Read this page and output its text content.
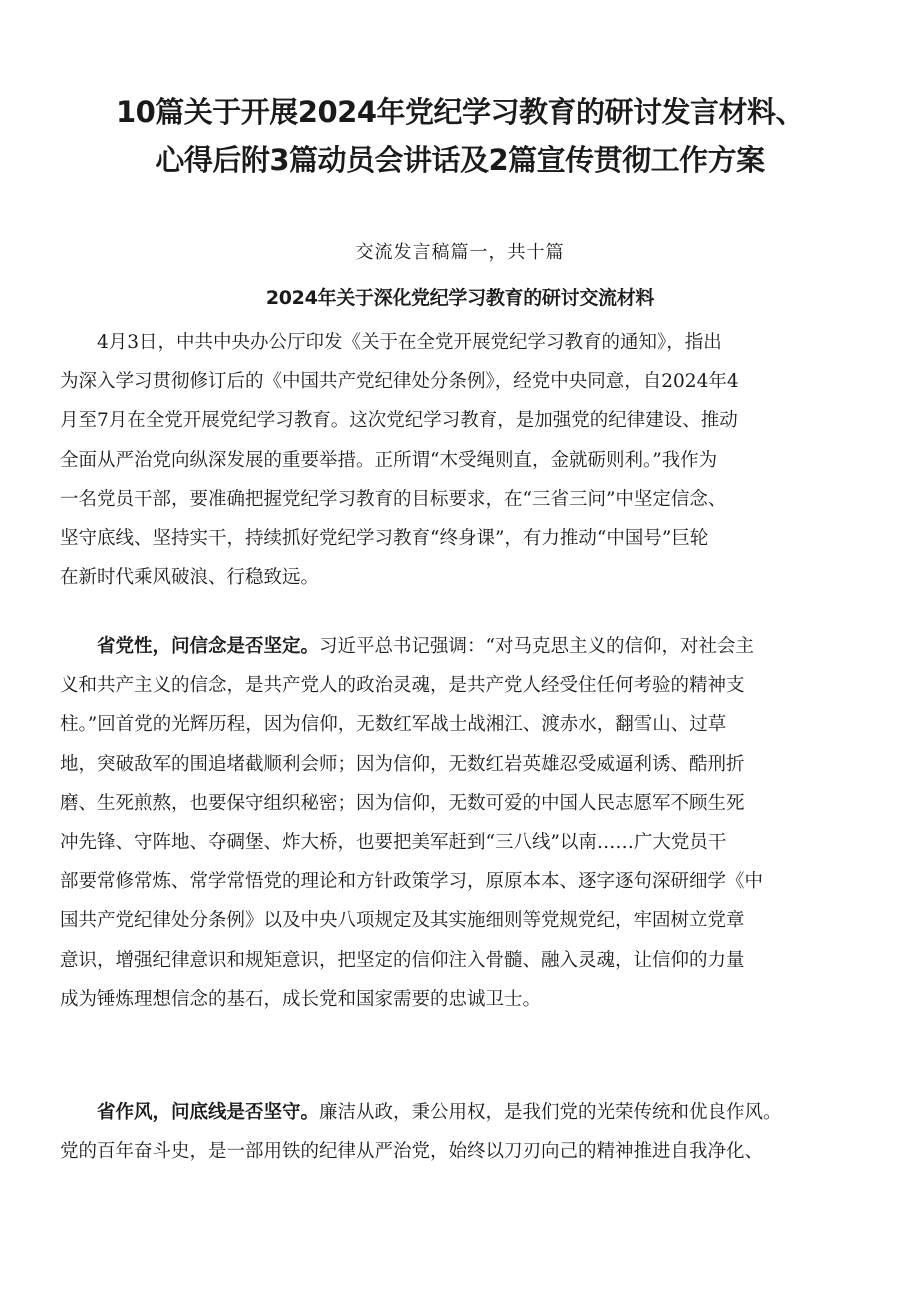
10篇关于开展2024年党纪学习教育的研讨发言材料、
心得后附3篇动员会讲话及2篇宣传贯彻工作方案
交流发言稿篇一，共十篇
2024年关于深化党纪学习教育的研讨交流材料
4月3日，中共中央办公厅印发《关于在全党开展党纪学习教育的通知》，指出
为深入学习贯彻修订后的《中国共产党纪律处分条例》，经党中央同意，自2024年4
月至7月在全党开展党纪学习教育。这次党纪学习教育，是加强党的纪律建设、推动
全面从严治党向纵深发展的重要举措。正所谓“木受绳则直，金就砺则利。”我作为
一名党员干部，要准确把握党纪学习教育的目标要求，在“三省三问”中坚定信念、
坚守底线、坚持实干，持续抓好党纪学习教育“终身课”，有力推动“中国号”巨轮
在新时代乘风破浪、行稳致远。
省党性，问信念是否坚定。习近平总书记强调：“对马克思主义的信仰，对社会主
义和共产主义的信念，是共产党人的政治灵魂，是共产党人经受住任何考验的精神支
柱。”回首党的光辉历程，因为信仰，无数红军战士战湘江、渡赤水，翻雪山、过草
地，突破敌军的围追堵截顺利会师；因为信仰，无数红岩英雄忍受威逼利诱、酷刑折
磨、生死煎熬，也要保守组织秘密；因为信仰，无数可爱的中国人民志愿军不顾生死
冲先锋、守阵地、夺碉堡、炸大桥，也要把美军赶到“三八线”以南……广大党员干
部要常修常炼、常学常悟党的理论和方针政策学习，原原本本、逐字逐句深研细学《中
国共产党纪律处分条例》以及中央八项规定及其实施细则等党规党纪，牢固树立党章
意识，增强纪律意识和规矩意识，把坚定的信仰注入骨髓、融入灵魂，让信仰的力量
成为锤炼理想信念的基石，成长党和国家需要的忠诚卫士。
省作风，问底线是否坚守。廉洁从政，秉公用权，是我们党的光荣传统和优良作风。
党的百年奋斗史，是一部用铁的纪律从严治党，始终以刀刃向己的精神推进自我净化、
